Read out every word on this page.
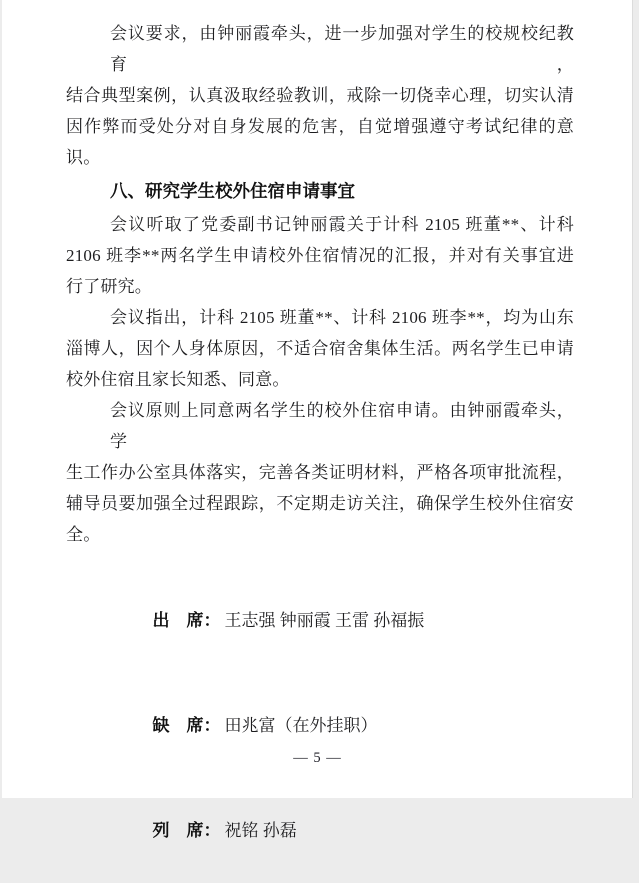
会议要求，由钟丽霞牵头，进一步加强对学生的校规校纪教育，
结合典型案例，认真汲取经验教训，戒除一切侥幸心理，切实认清
因作弊而受处分对自身发展的危害，自觉增强遵守考试纪律的意
识。
八、研究学生校外住宿申请事宜
会议听取了党委副书记钟丽霞关于计科 2105 班董**、计科
2106 班李**两名学生申请校外住宿情况的汇报，并对有关事宜进
行了研究。
会议指出，计科 2105 班董**、计科 2106 班李**，均为山东
淄博人，因个人身体原因，不适合宿舍集体生活。两名学生已申请
校外住宿且家长知悉、同意。
会议原则上同意两名学生的校外住宿申请。由钟丽霞牵头，学
生工作办公室具体落实，完善各类证明材料，严格各项审批流程，
辅导员要加强全过程跟踪，不定期走访关注，确保学生校外住宿安
全。

出　席： 王志强 钟丽霞 王雷 孙福振

缺　席： 田兆富（在外挂职）

列　席： 祝铭 孙磊

— 5 —
